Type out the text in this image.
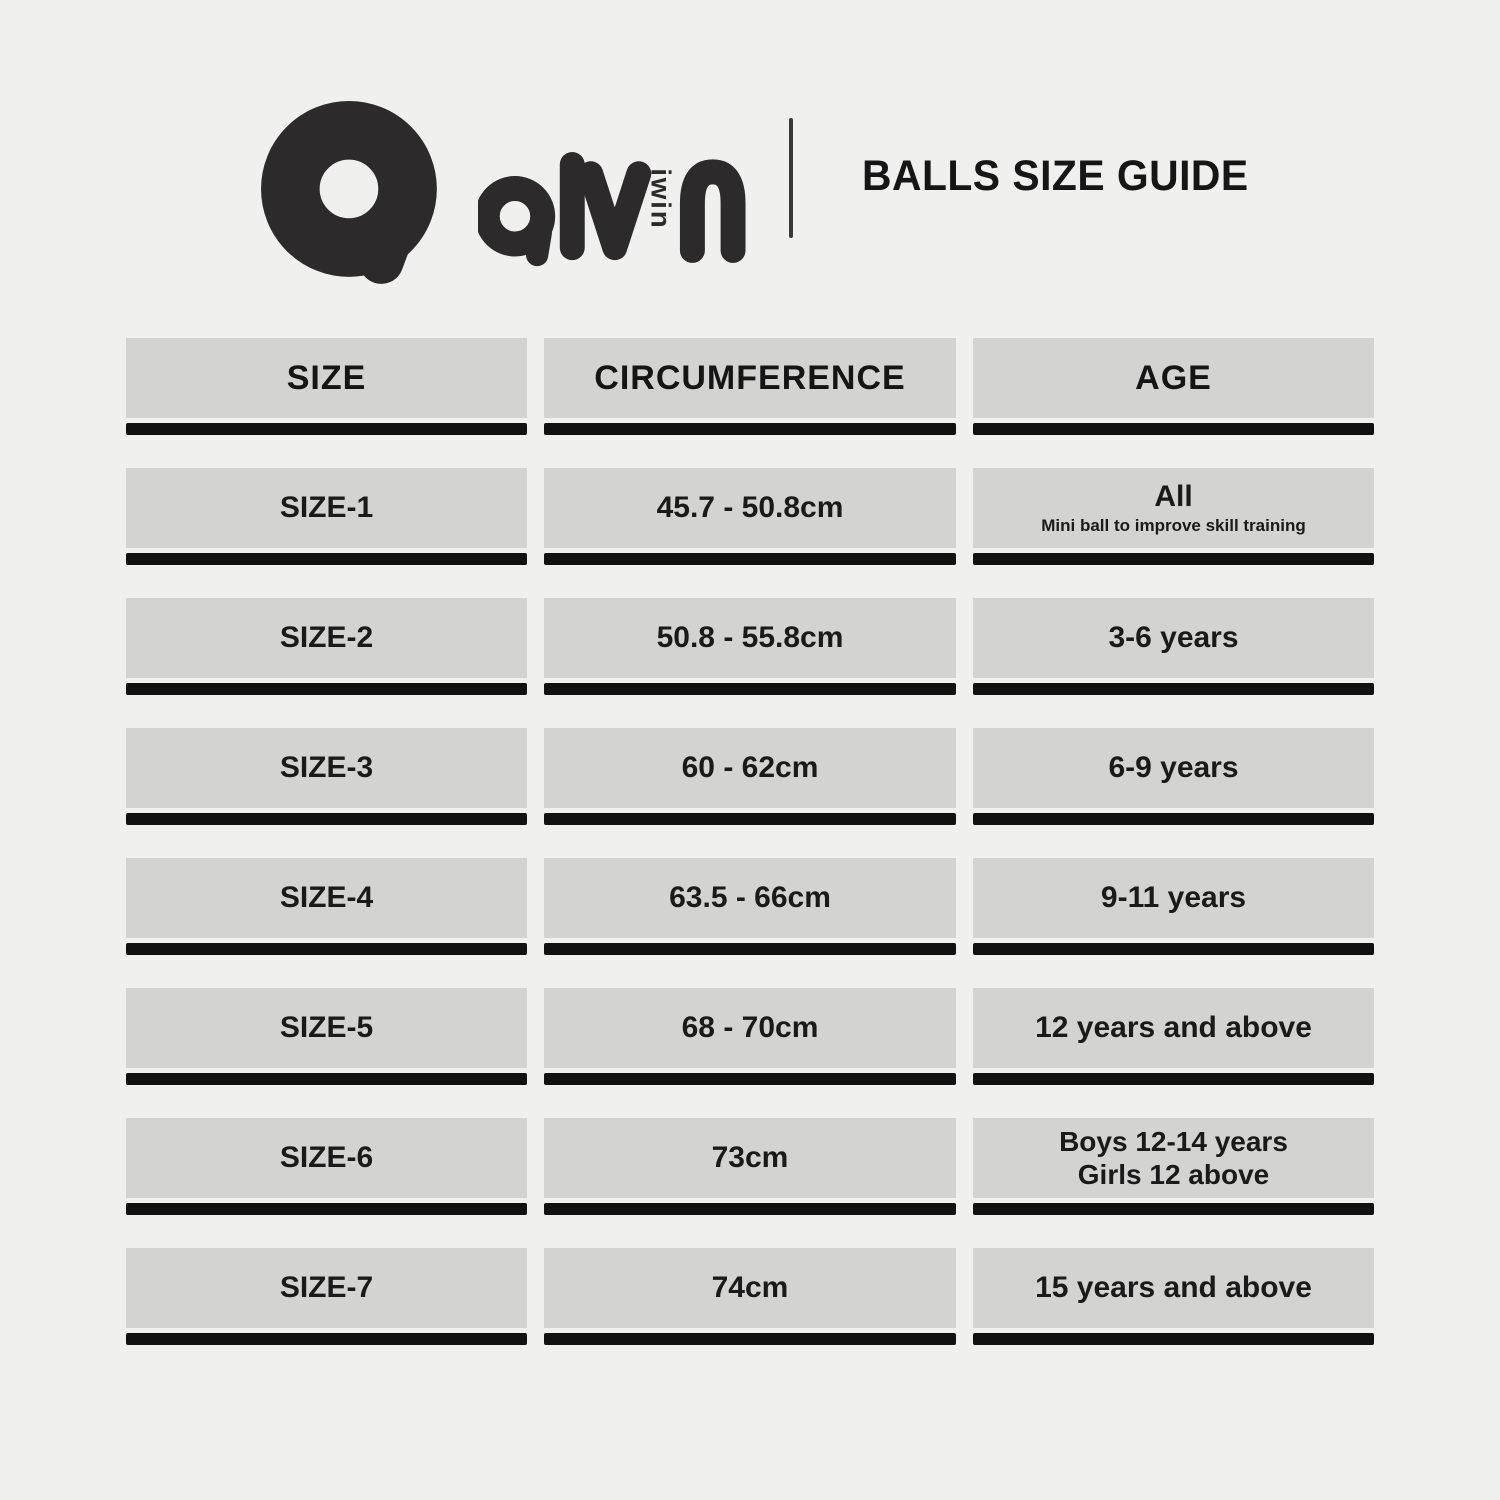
iwin	BALLS SIZE GUIDE
SIZE	CIRCUMFERENCE	AGE
SIZE-1	45.7 - 50.8cm	All
Mini ball to improve skill training
SIZE-2	50.8 - 55.8cm	3-6 years
SIZE-3	60 - 62cm	6-9 years
SIZE-4	63.5 - 66cm	9-11 years
SIZE-5	68 - 70cm	12 years and above
SIZE-6	73cm	Boys 12-14 years
Girls 12 above
SIZE-7	74cm	15 years and above
